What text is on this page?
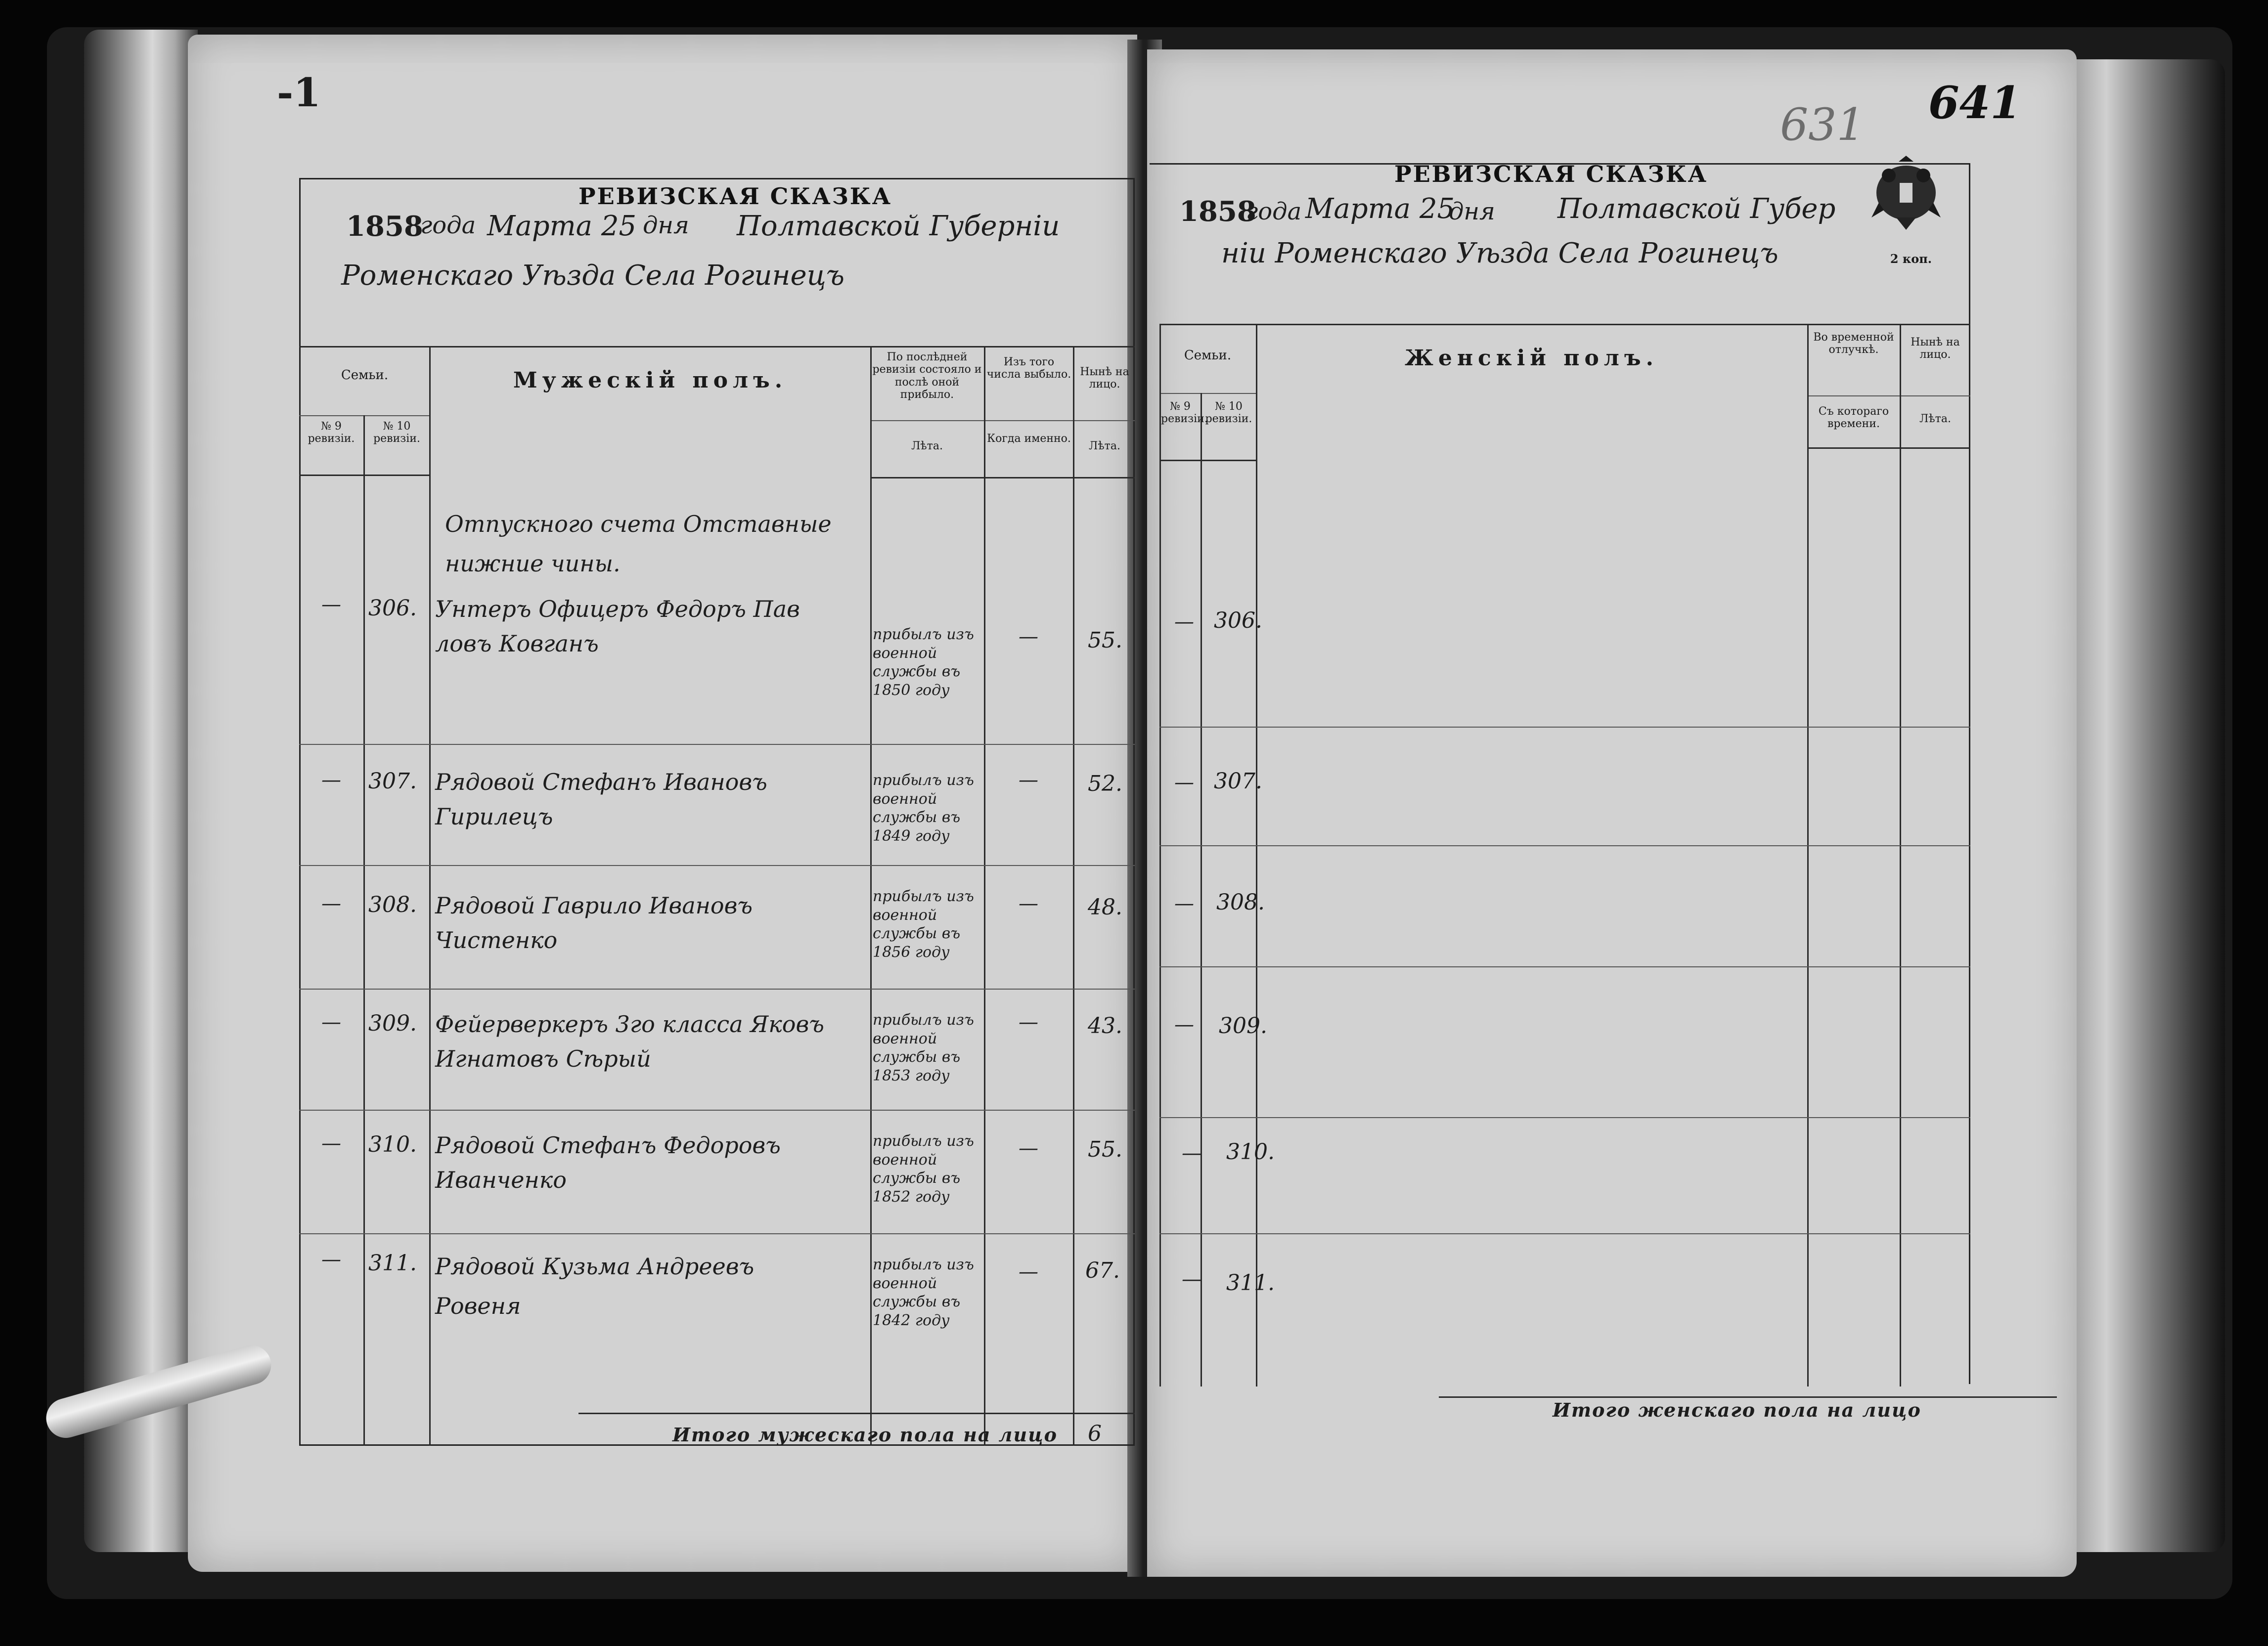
-1
РЕВИЗСКАЯ СКАЗКА
1858
года Марта 25 дня Полтавской Губернiи
Роменскаго Уѣзда Села Рогинецъ
Семьи.
№ 9 ревизiи.
№ 10 ревизiи.
Мужескiй полъ.
По послѣдней ревизiи состояло и послѣ оной прибыло.
Лѣта.
Изъ того числа выбыло.
Когда именно.
Нынѣ на лицо.
Лѣта.
Отпускного счета Отставные нижние чины.
— 306. Унтеръ Офицеръ Федоръ Пав
ловъ Ковганъ	прибылъ изъ военной службы въ 1850 году
— 55.
— 307. Рядовой Стефанъ Ивановъ
Гирилецъ
прибылъ изъ военной службы въ 1849 году
— 52.
— 308. Рядовой Гаврило Ивановъ
Чистенко
прибылъ изъ военной службы въ 1856 году
— 48.
— 309. Фейерверкеръ 3го класса Яковъ
Игнатовъ Сѣрый
прибылъ изъ военной службы въ 1853 году
— 43.
— 310. Рядовой Стефанъ Федоровъ
Иванченко
прибылъ изъ военной службы въ 1852 году
— 55.
— 311. Рядовой Кузьма Андреевъ
Ровеня
прибылъ изъ военной службы въ 1842 году
— 67.
Итого мужескаго пола на лицо 6
631 641
РЕВИЗСКАЯ СКАЗКА
2 коп.
1858
года Марта 25
дня Полтавской Губер
нiи Роменскаго Уѣзда Села Рогинецъ
Семьи.
№ 9 ревизiи.
№ 10 ревизiи.
Женскiй полъ.
Во временной отлучкѣ.
Съ котораго времени.
Нынѣ на лицо.
Лѣта.
— 306.
— 307.
— 308.
— 309.
— 310.
— 311.
Итого женскаго пола на лицо
